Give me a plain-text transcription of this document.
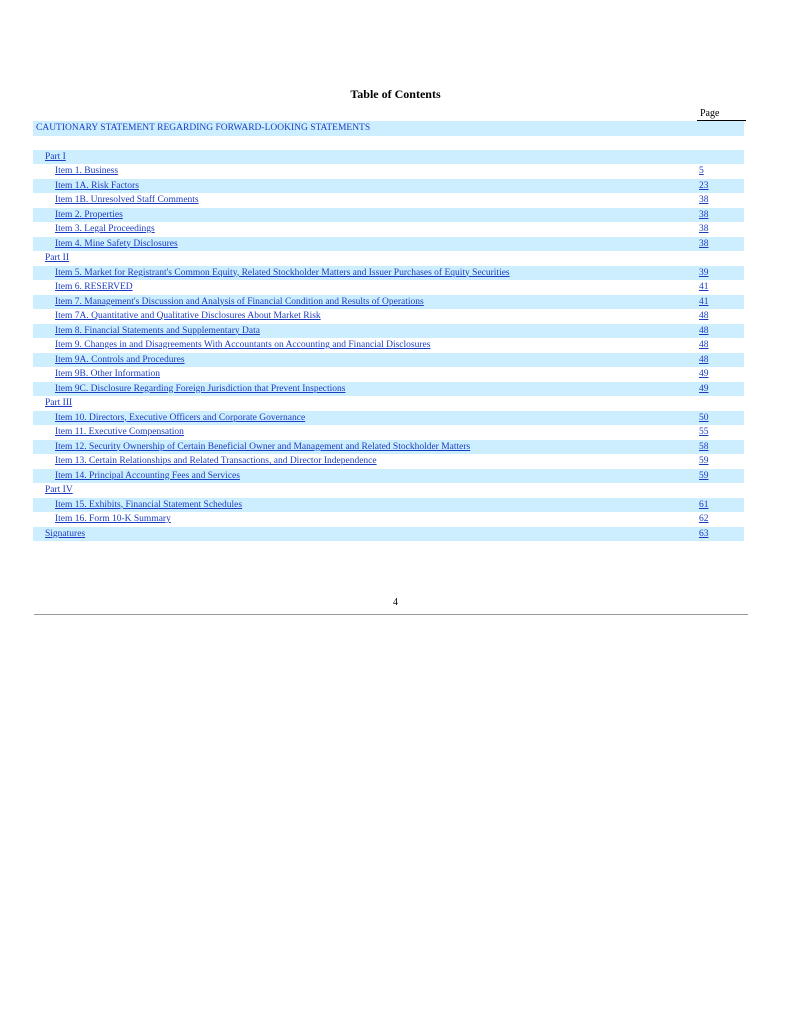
Table of Contents
Page
CAUTIONARY STATEMENT REGARDING FORWARD-LOOKING STATEMENTS
Part I
Item 1. Business	5
Item 1A. Risk Factors	23
Item 1B. Unresolved Staff Comments	38
Item 2. Properties	38
Item 3. Legal Proceedings	38
Item 4. Mine Safety Disclosures	38
Part II
Item 5. Market for Registrant's Common Equity, Related Stockholder Matters and Issuer Purchases of Equity Securities	39
Item 6. RESERVED	41
Item 7. Management's Discussion and Analysis of Financial Condition and Results of Operations	41
Item 7A. Quantitative and Qualitative Disclosures About Market Risk	48
Item 8. Financial Statements and Supplementary Data	48
Item 9. Changes in and Disagreements With Accountants on Accounting and Financial Disclosures	48
Item 9A. Controls and Procedures	48
Item 9B. Other Information	49
Item 9C. Disclosure Regarding Foreign Jurisdiction that Prevent Inspections	49
Part III
Item 10. Directors, Executive Officers and Corporate Governance	50
Item 11. Executive Compensation	55
Item 12. Security Ownership of Certain Beneficial Owner and Management and Related Stockholder Matters	58
Item 13. Certain Relationships and Related Transactions, and Director Independence	59
Item 14. Principal Accounting Fees and Services	59
Part IV
Item 15. Exhibits, Financial Statement Schedules	61
Item 16. Form 10-K Summary	62
Signatures	63
4
